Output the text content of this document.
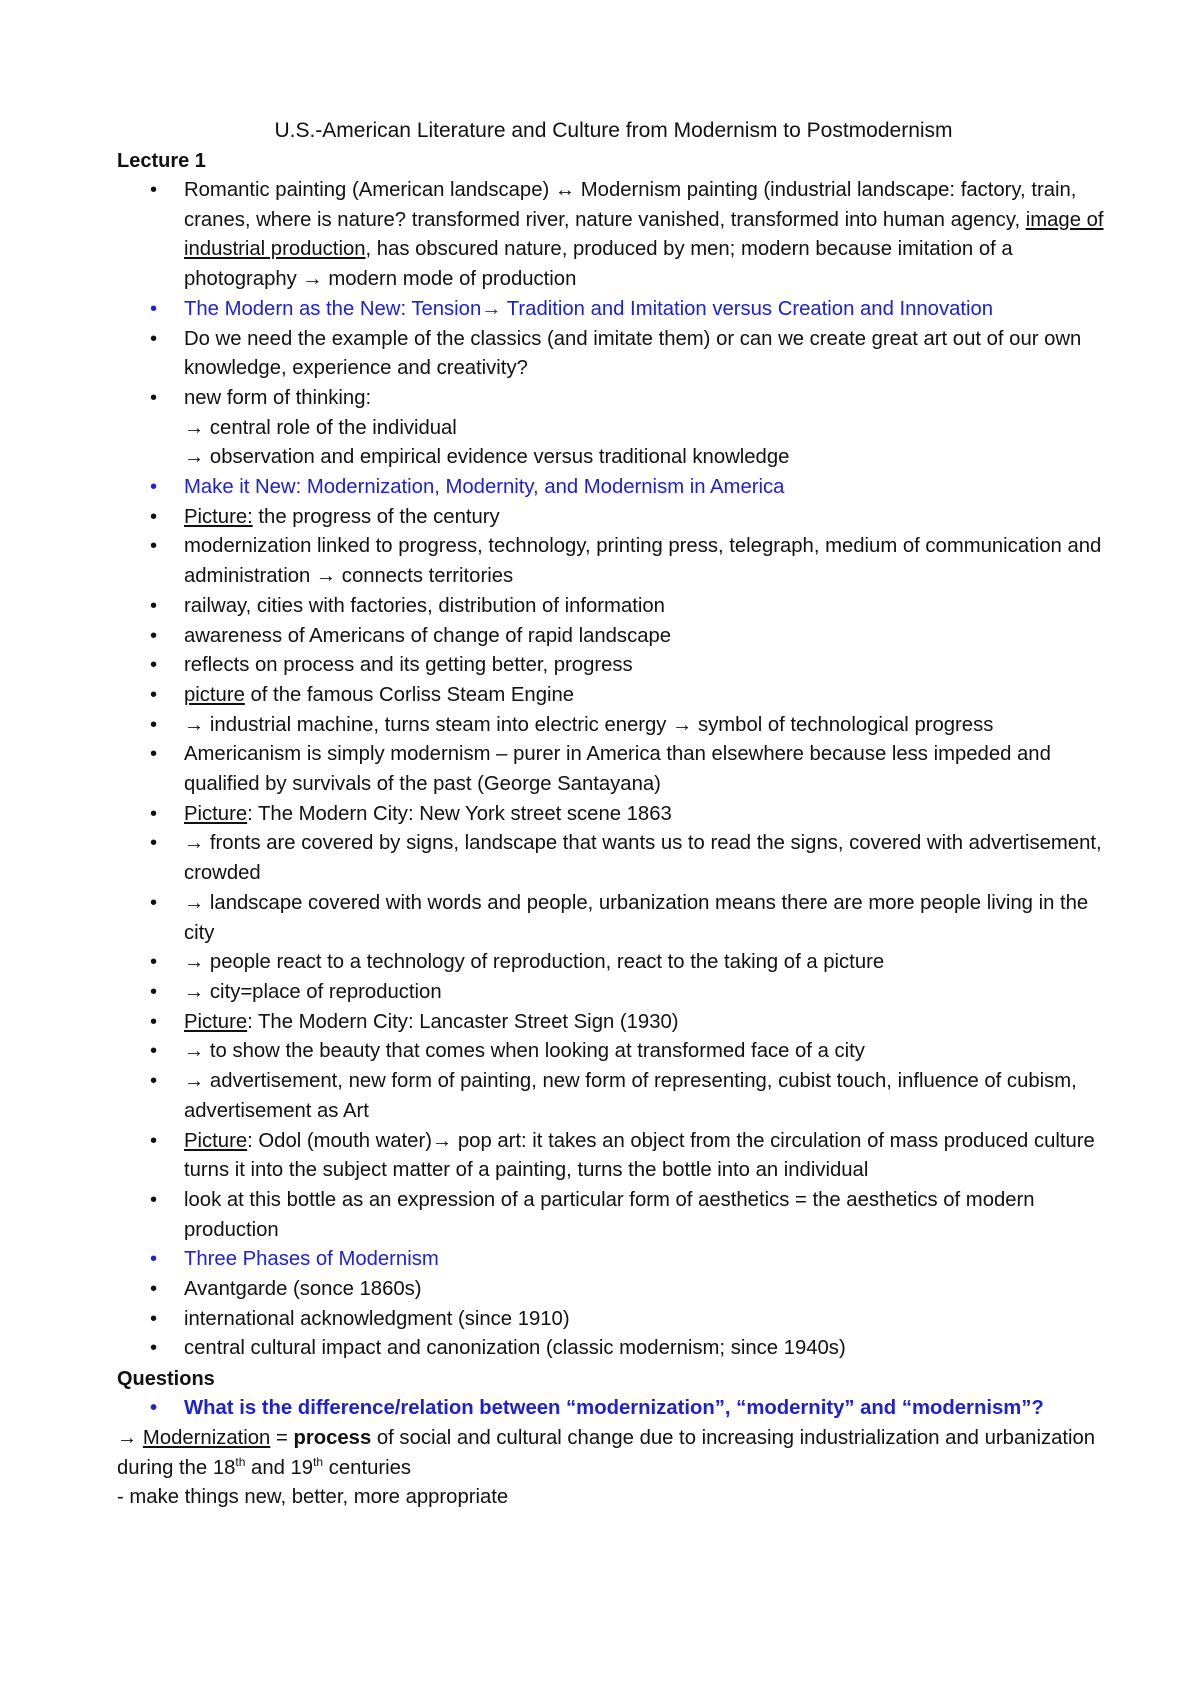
U.S.-American Literature and Culture from Modernism to Postmodernism
Lecture 1
•	Romantic painting (American landscape) ↔ Modernism painting (industrial landscape: factory, train, cranes, where is nature? transformed river, nature vanished, transformed into human agency, image of industrial production, has obscured nature, produced by men; modern because imitation of a photography → modern mode of production
•	The Modern as the New: Tension→ Tradition and Imitation versus Creation and Innovation
•	Do we need the example of the classics (and imitate them) or can we create great art out of our own knowledge, experience and creativity?
•	new form of thinking:
→ central role of the individual
→ observation and empirical evidence versus traditional knowledge
•	Make it New: Modernization, Modernity, and Modernism in America
•	Picture: the progress of the century
•	modernization linked to progress, technology, printing press, telegraph, medium of communication and administration → connects territories
•	railway, cities with factories, distribution of information
•	awareness of Americans of change of rapid landscape
•	reflects on process and its getting better, progress
•	picture of the famous Corliss Steam Engine
•	→ industrial machine, turns steam into electric energy → symbol of technological progress
•	Americanism is simply modernism – purer in America than elsewhere because less impeded and qualified by survivals of the past (George Santayana)
•	Picture: The Modern City: New York street scene 1863
•	→ fronts are covered by signs, landscape that wants us to read the signs, covered with advertisement, crowded
•	→ landscape covered with words and people, urbanization means there are more people living in the city
•	→ people react to a technology of reproduction, react to the taking of a picture
•	→ city=place of reproduction
•	Picture: The Modern City: Lancaster Street Sign (1930)
•	→ to show the beauty that comes when looking at transformed face of a city
•	→ advertisement, new form of painting, new form of representing, cubist touch, influence of cubism, advertisement as Art
•	Picture: Odol (mouth water)→ pop art: it takes an object from the circulation of mass produced culture turns it into the subject matter of a painting, turns the bottle into an individual
•	look at this bottle as an expression of a particular form of aesthetics = the aesthetics of modern production
•	Three Phases of Modernism
•	Avantgarde (sonce 1860s)
•	international acknowledgment (since 1910)
•	central cultural impact and canonization (classic modernism; since 1940s)
Questions
•	What is the difference/relation between “modernization”, “modernity” and “modernism”?

→ Modernization = process of social and cultural change due to increasing industrialization and urbanization during the 18th and 19th centuries

- make things new, better, more appropriate
